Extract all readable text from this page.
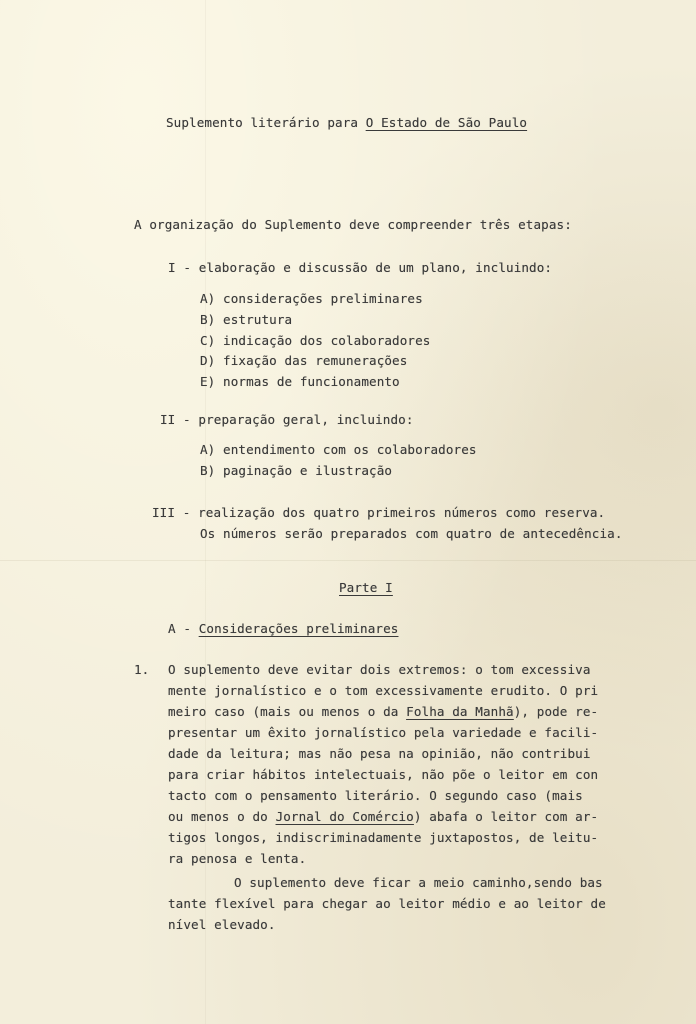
Suplemento literário para O Estado de São Paulo
A organização do Suplemento deve compreender três etapas:
I - elaboração e discussão de um plano, incluindo:
A) considerações preliminares
B) estrutura
C) indicação dos colaboradores
D) fixação das remunerações
E) normas de funcionamento
II - preparação geral, incluindo:
A) entendimento com os colaboradores
B) paginação e ilustração
III - realização dos quatro primeiros números como reserva.
Os números serão preparados com quatro de antecedência.
Parte I
A - Considerações preliminares
1. O suplemento deve evitar dois extremos: o tom excessiva
mente jornalístico e o tom excessivamente erudito. O pri
meiro caso (mais ou menos o da Folha da Manhã), pode re-
presentar um êxito jornalístico pela variedade e facili-
dade da leitura; mas não pesa na opinião, não contribui
para criar hábitos intelectuais, não põe o leitor em con
tacto com o pensamento literário. O segundo caso (mais
ou menos o do Jornal do Comércio) abafa o leitor com ar-
tigos longos, indiscriminadamente juxtapostos, de leitu-
ra penosa e lenta.
O suplemento deve ficar a meio caminho,sendo bas
tante flexível para chegar ao leitor médio e ao leitor de
nível elevado.
